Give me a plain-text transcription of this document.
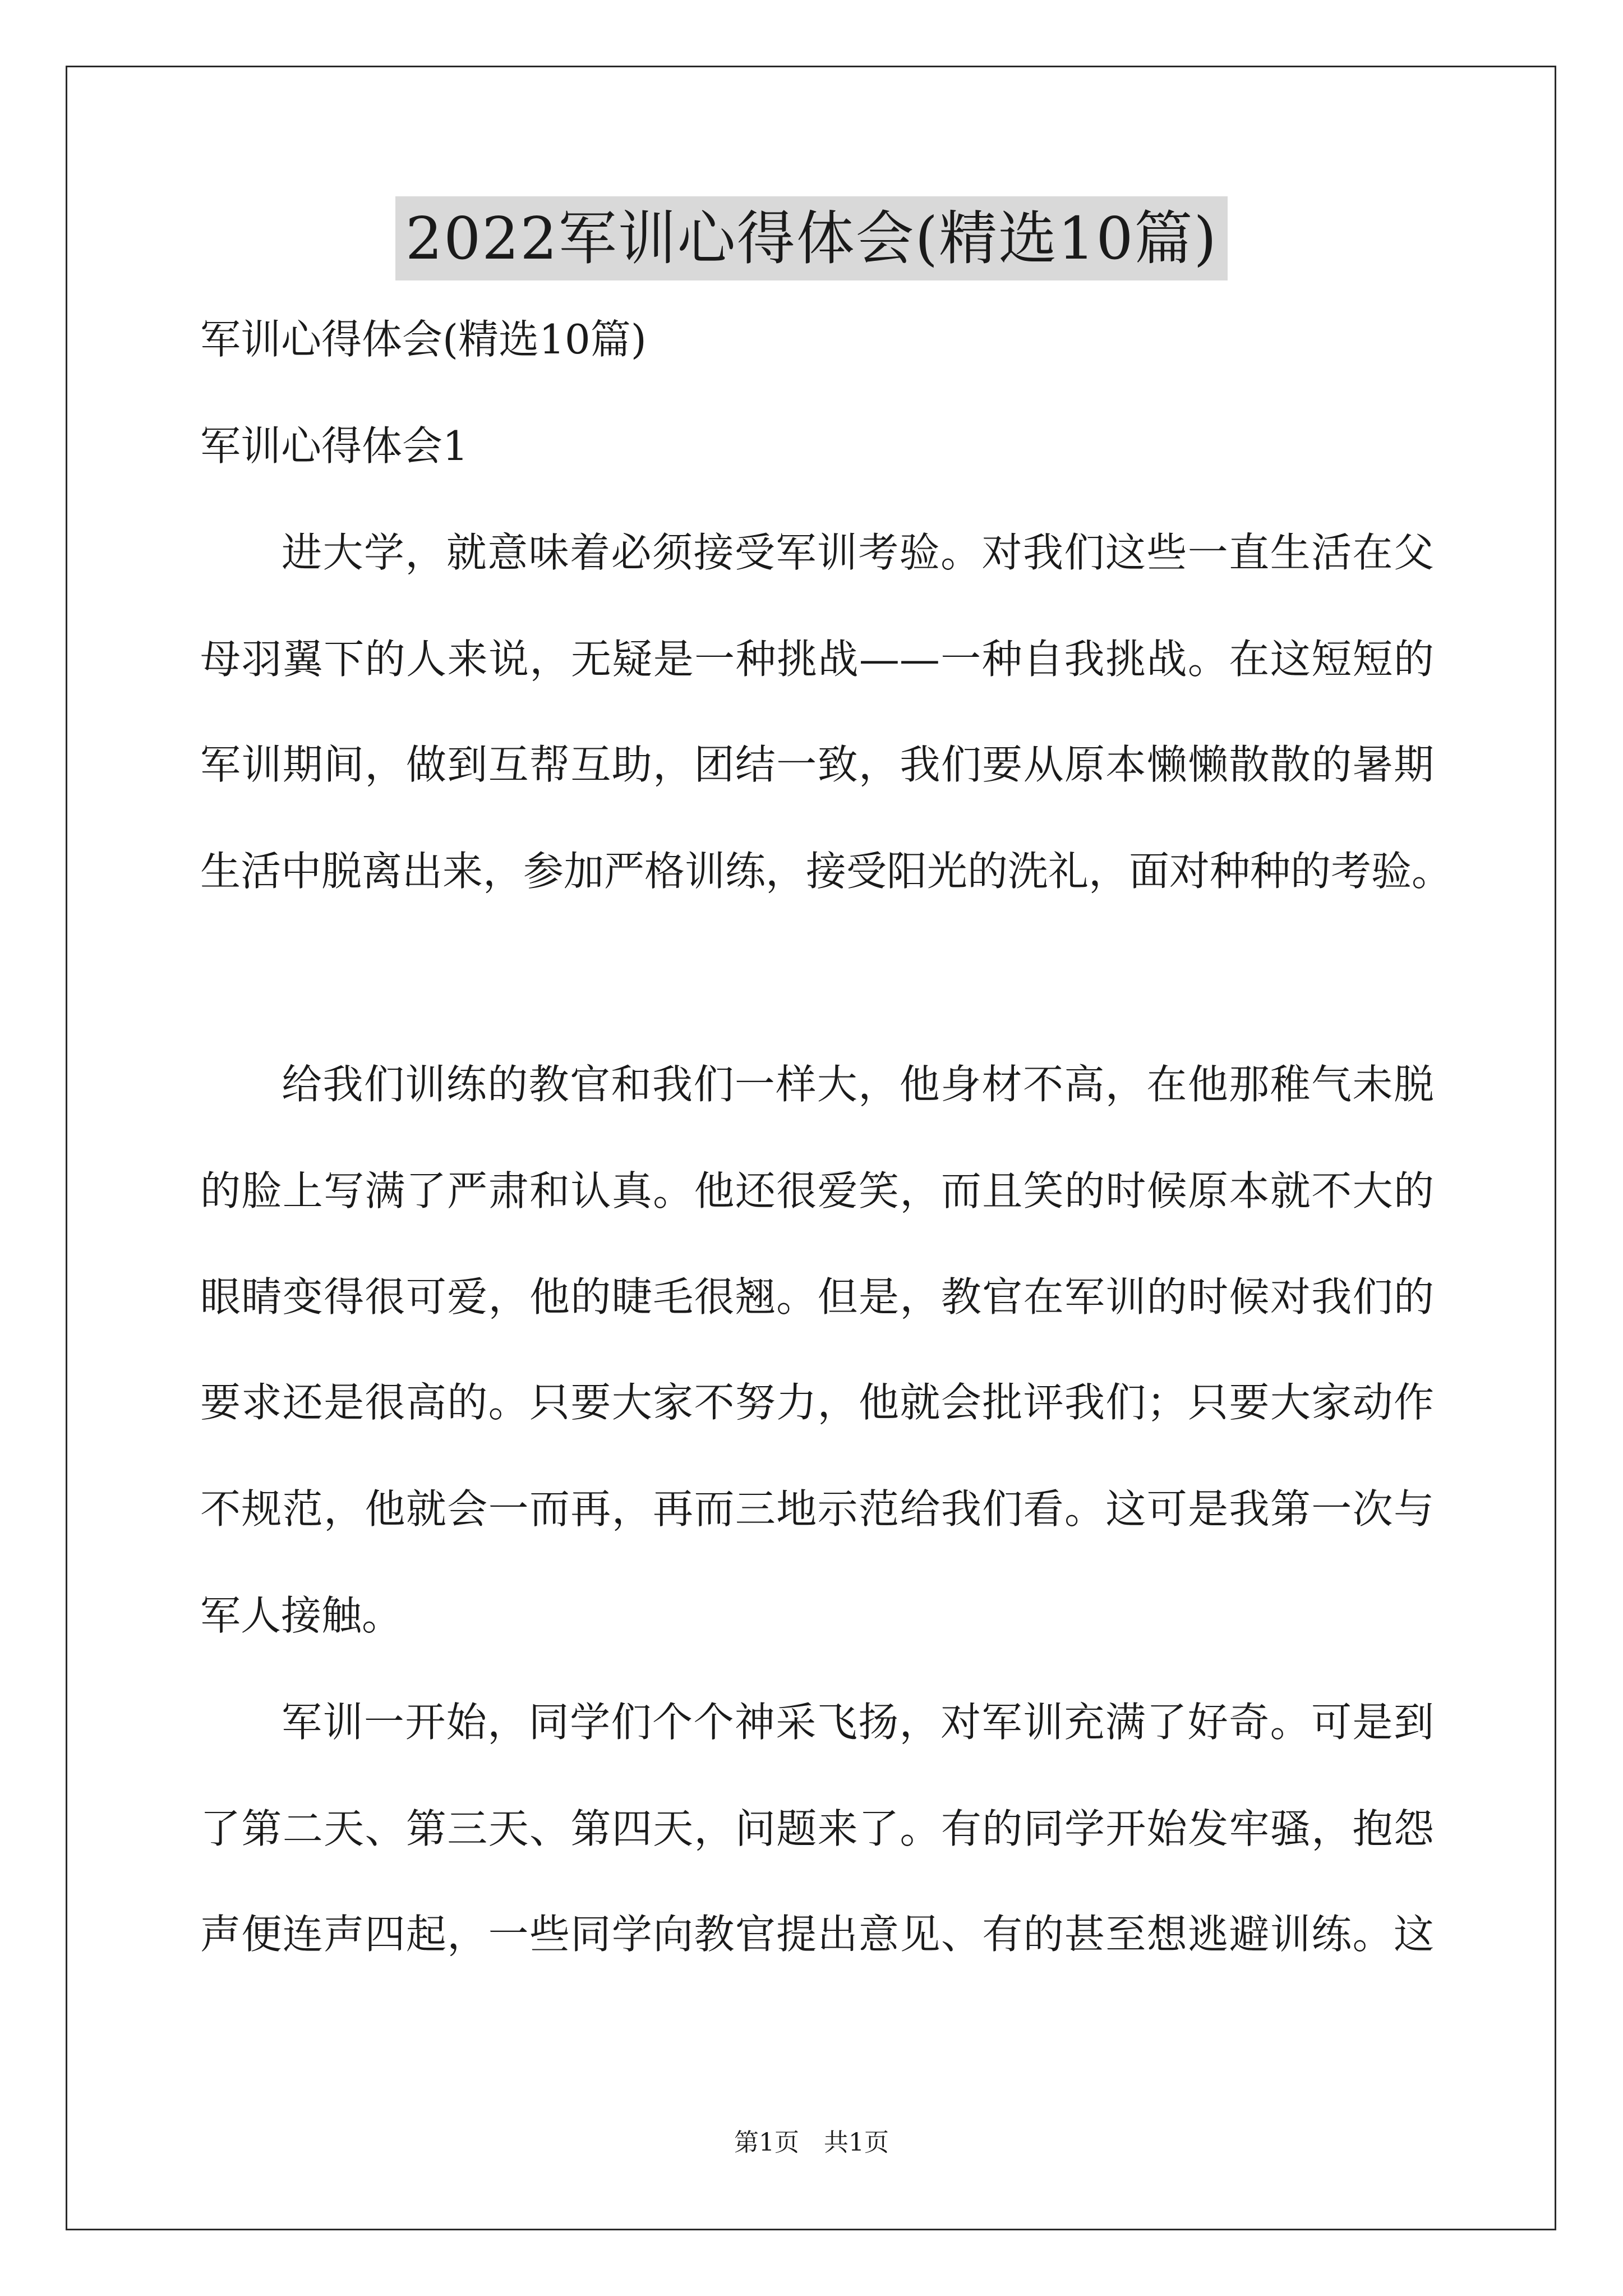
2022军训心得体会(精选10篇)
军训心得体会(精选10篇)
军训心得体会1
进大学，就意味着必须接受军训考验。对我们这些一直生活在父
母羽翼下的人来说，无疑是一种挑战——一种自我挑战。在这短短的
军训期间，做到互帮互助，团结一致，我们要从原本懒懒散散的暑期
生活中脱离出来，参加严格训练，接受阳光的洗礼，面对种种的考验。
给我们训练的教官和我们一样大，他身材不高，在他那稚气未脱
的脸上写满了严肃和认真。他还很爱笑，而且笑的时候原本就不大的
眼睛变得很可爱，他的睫毛很翘。但是，教官在军训的时候对我们的
要求还是很高的。只要大家不努力，他就会批评我们；只要大家动作
不规范，他就会一而再，再而三地示范给我们看。这可是我第一次与
军人接触。
军训一开始，同学们个个神采飞扬，对军训充满了好奇。可是到
了第二天、第三天、第四天，问题来了。有的同学开始发牢骚，抱怨
声便连声四起，一些同学向教官提出意见、有的甚至想逃避训练。这
第1页　共1页
